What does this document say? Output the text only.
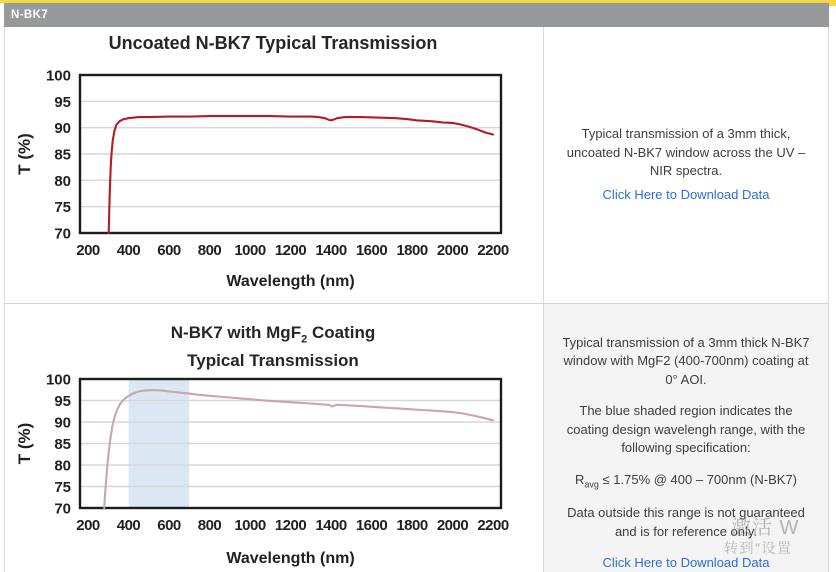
N-BK7
Uncoated N-BK7 Typical Transmission
70
75
80
85
90
95
100
200 400 600 800 1000 1200 1400 1600 1800 2000 2200
Wavelength (nm)
T (%)
N-BK7 with MgF$_2$ Coating
Typical Transmission
70
75
80
85
90
95
100
200 400 600 800 1000 1200 1400 1600 1800 2000 2200
Wavelength (nm)
T (%)
Typical transmission of a 3mm thick, uncoated N-BK7 window across the UV – NIR spectra.
Click Here to Download Data

Typical transmission of a 3mm thick N-BK7 window with MgF2 (400-700nm) coating at 0° AOI.

The blue shaded region indicates the coating design wavelengh range, with the following specification:

$R_{avg} \le 1.75\%$ @ 400 – 700nm (N-BK7)

Data outside this range is not guaranteed and is for reference only.

Click Here to Download Data
激活 W
转到"设置
